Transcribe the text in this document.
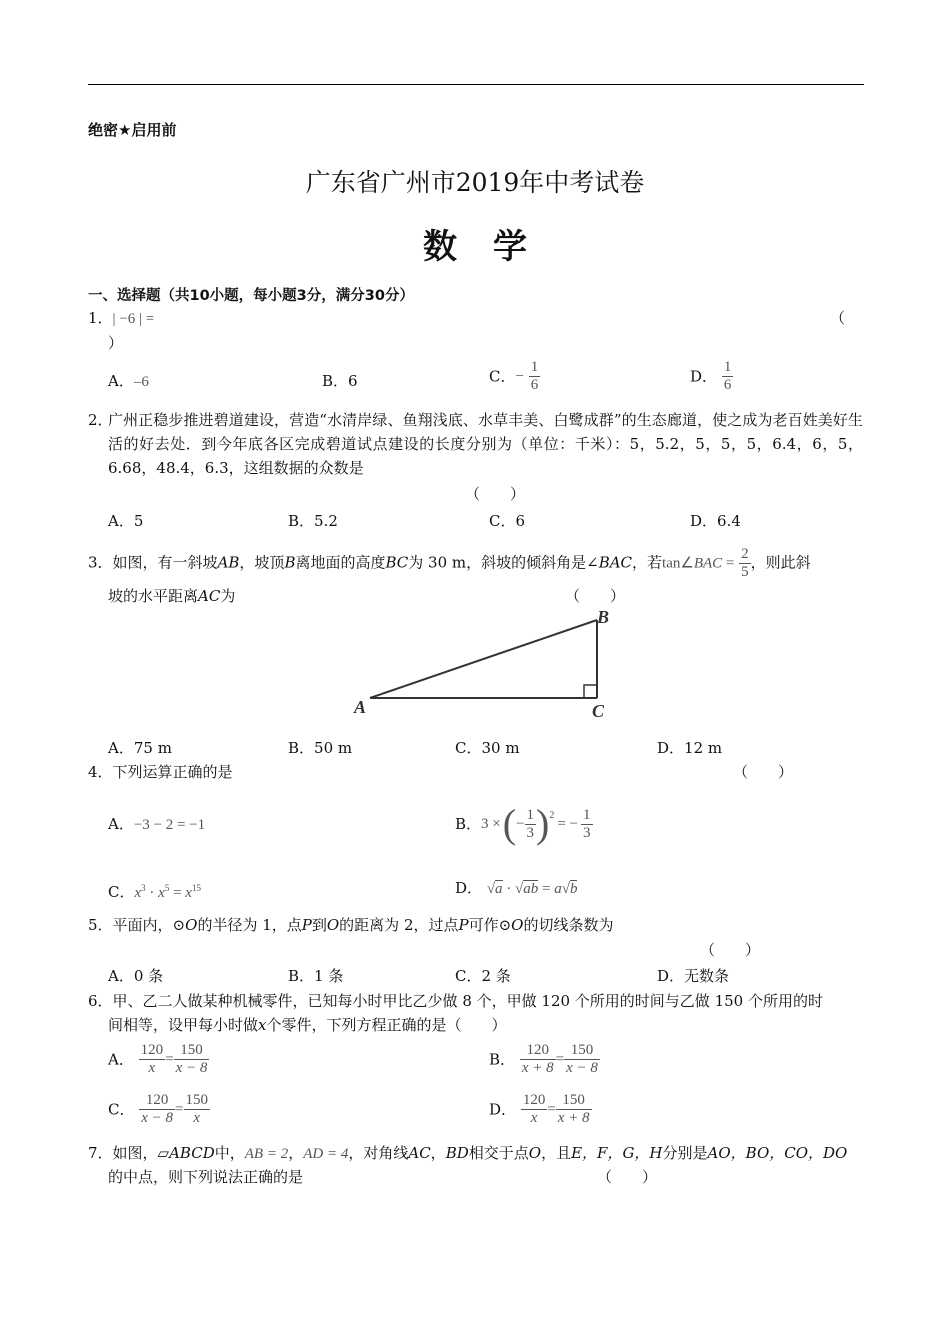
绝密★启用前
广东省广州市2019年中考试卷
数学
一、选择题（共10小题，每小题3分，满分30分）
1．| −6 | =	（
）
A．–6	B．6	C．− $\frac{1}{6}$	D． $\frac{1}{6}$
2．
广州正稳步推进碧道建设，营造“水清岸绿、鱼翔浅底、水草丰美、白鹭成群”的生态廊道，使之成为老百姓美好生活的好去处．到今年底各区完成碧道试点建设的长度分别为（单位：千米）：5，5.2，5，5，5，6.4，6，5，6.68，48.4，6.3，这组数据的众数是
（　　）
A．5	B．5.2	C．6	D．6.4
3．如图，有一斜坡AB，坡顶B离地面的高度BC为 30 m，斜坡的倾斜角是∠BAC，若tan∠BAC = $\frac{2}{5}$ ，则此斜
坡的水平距离AC为	（　　）
A
B
C
A．75 m	B．50 m	C．30 m	D．12 m
4．下列运算正确的是	（　　）
A．−3 − 2 = −1	B． 3 × ( − $\frac{1}{3} )^2$
= − $\frac{1}{3}$
C．$x^3 \cdot x^5 = x^{15}$	D． √a · √ab = a√b
5．平面内，⊙O的半径为 1，点P到O的距离为 2，过点P可作⊙O的切线条数为
（　　）
A．0 条	B．1 条	C．2 条	D．无数条
6．甲、乙二人做某种机械零件，已知每小时甲比乙少做 8 个，甲做 120 个所用的时间与乙做 150 个所用的时
间相等，设甲每小时做x个零件，下列方程正确的是（　　）
A． $\frac{120}{x} = \frac{150}{x - 8}$	B． $\frac{120}{x + 8} = \frac{150}{x - 8}$
C． $\frac{120}{x - 8} = \frac{150}{x}$	D． $\frac{120}{x} = \frac{150}{x + 8}$
7．如图，▱ABCD中，AB = 2，AD = 4，对角线AC，BD相交于点O，且E，F，G，H分别是AO，BO，CO，DO
的中点，则下列说法正确的是	（　　）
